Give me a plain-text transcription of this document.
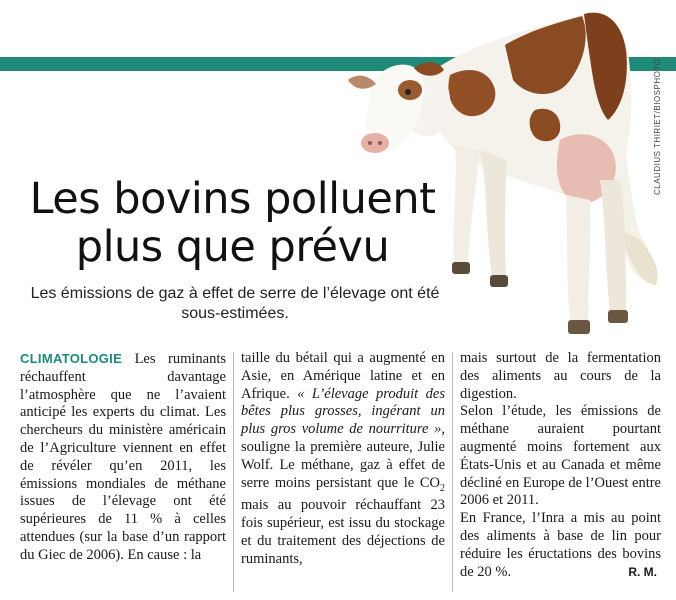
CLAUDIUS THIRIET/BIOSPHOTO
Les bovins polluent plus que prévu

Les émissions de gaz à effet de serre de l’élevage ont été sous-estimées.

CLIMATOLOGIE Les ruminants réchauffent davantage l’atmosphère que ne l’avaient anticipé les experts du climat. Les chercheurs du ministère américain de l’Agriculture viennent en effet de révéler qu’en 2011, les émissions mondiales de méthane issues de l’élevage ont été supérieures de 11 % à celles attendues (sur la base d’un rapport du Giec de 2006). En cause : la

taille du bétail qui a augmenté en Asie, en Amérique latine et en Afrique. « L’élevage produit des bêtes plus grosses, ingérant un plus gros volume de nourriture », souligne la première auteure, Julie Wolf. Le méthane, gaz à effet de serre moins persistant que le $CO_2$ mais au pouvoir réchauffant 23 fois supérieur, est issu du stockage et du traitement des déjections de ruminants,

mais surtout de la fermentation des aliments au cours de la digestion.
Selon l’étude, les émissions de méthane auraient pourtant augmenté moins fortement aux États-Unis et au Canada et même décliné en Europe de l’Ouest entre 2006 et 2011.
En France, l’Inra a mis au point des aliments à base de lin pour réduire les éructations des bovins de 20 %.	R. M.
